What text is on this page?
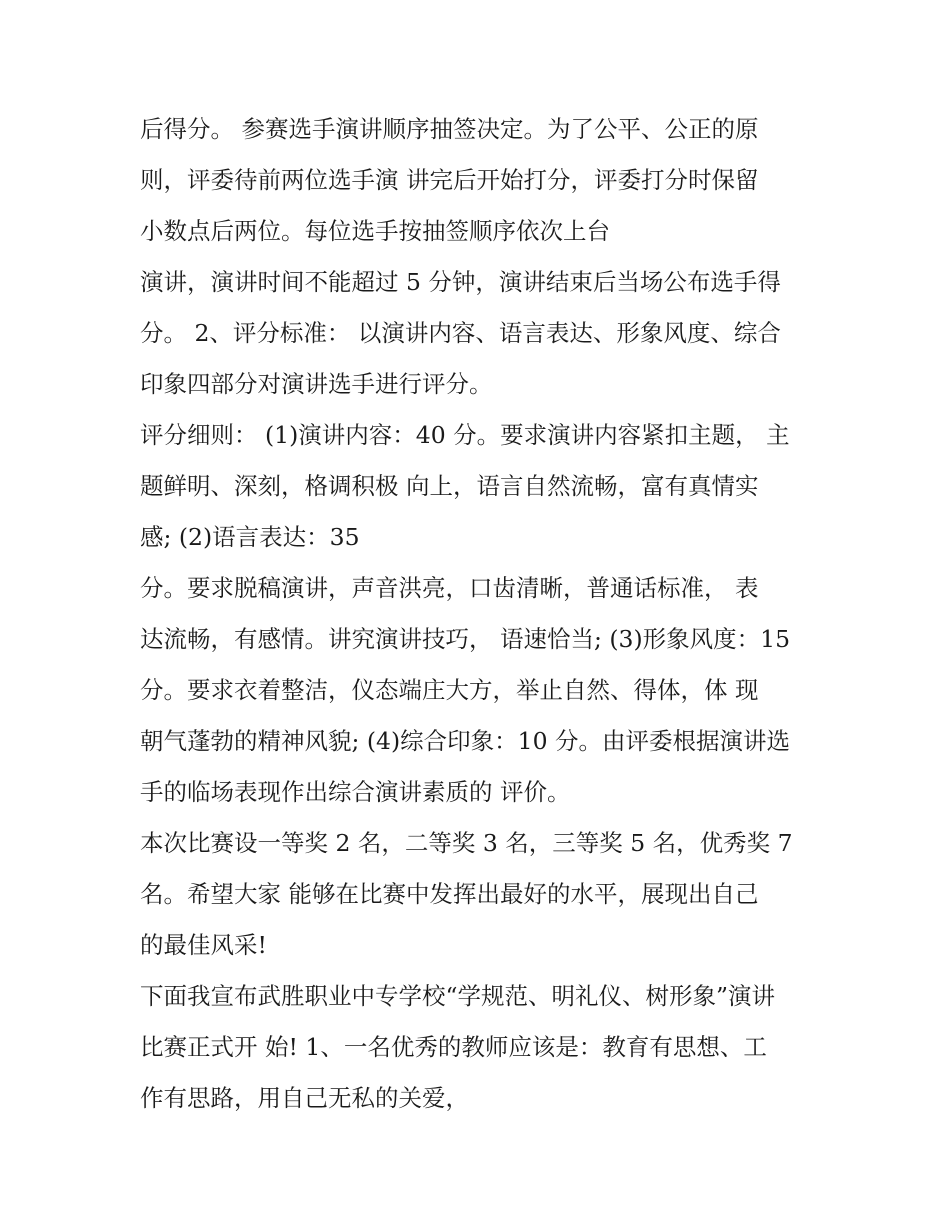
后得分。 参赛选手演讲顺序抽签决定。为了公平、公正的原
则，评委待前两位选手演 讲完后开始打分，评委打分时保留
小数点后两位。每位选手按抽签顺序依次上台
演讲，演讲时间不能超过 5 分钟，演讲结束后当场公布选手得
分。 2、评分标准： 以演讲内容、语言表达、形象风度、综合
印象四部分对演讲选手进行评分。
评分细则： (1)演讲内容：40 分。要求演讲内容紧扣主题， 主
题鲜明、深刻，格调积极 向上，语言自然流畅，富有真情实
感; (2)语言表达：35
分。要求脱稿演讲，声音洪亮，口齿清晰，普通话标准， 表
达流畅，有感情。讲究演讲技巧， 语速恰当; (3)形象风度：15
分。要求衣着整洁，仪态端庄大方，举止自然、得体，体 现
朝气蓬勃的精神风貌; (4)综合印象：10 分。由评委根据演讲选
手的临场表现作出综合演讲素质的 评价。
本次比赛设一等奖 2 名，二等奖 3 名，三等奖 5 名，优秀奖 7
名。希望大家 能够在比赛中发挥出最好的水平，展现出自己
的最佳风采!
下面我宣布武胜职业中专学校“学规范、明礼仪、树形象”演讲
比赛正式开 始! 1、一名优秀的教师应该是：教育有思想、工
作有思路，用自己无私的关爱，
